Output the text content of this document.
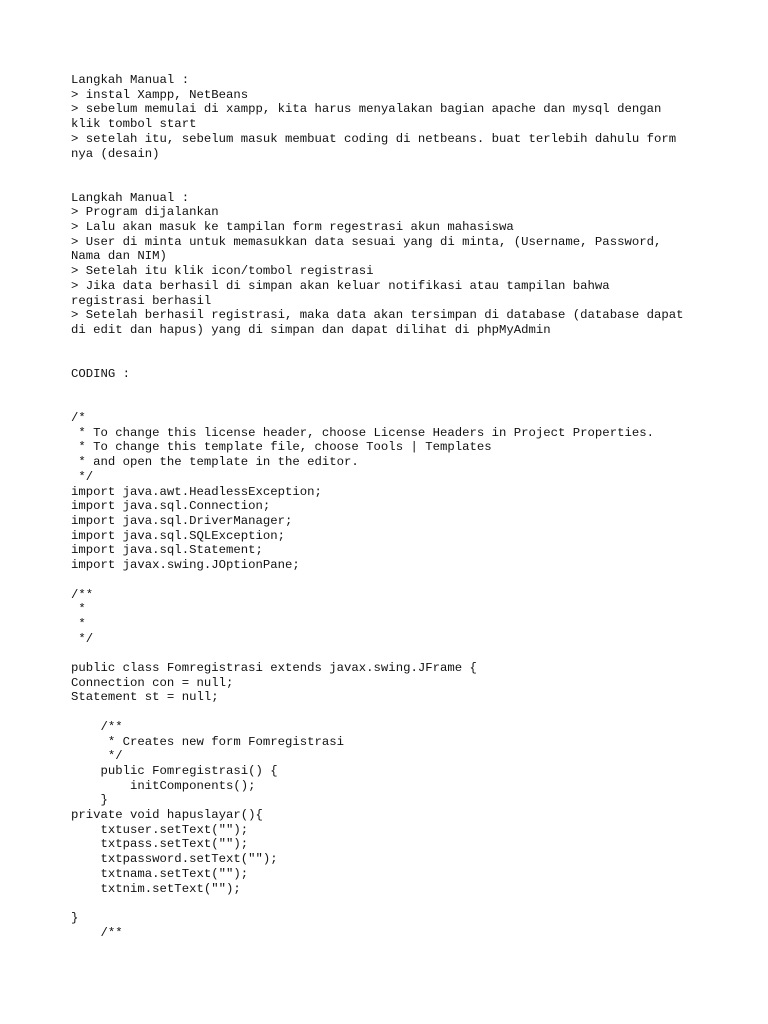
Langkah Manual :
> instal Xampp, NetBeans
> sebelum memulai di xampp, kita harus menyalakan bagian apache dan mysql dengan
klik tombol start
> setelah itu, sebelum masuk membuat coding di netbeans. buat terlebih dahulu form
nya (desain)
Langkah Manual :
> Program dijalankan
> Lalu akan masuk ke tampilan form regestrasi akun mahasiswa
> User di minta untuk memasukkan data sesuai yang di minta, (Username, Password,
Nama dan NIM)
> Setelah itu klik icon/tombol registrasi
> Jika data berhasil di simpan akan keluar notifikasi atau tampilan bahwa
registrasi berhasil
> Setelah berhasil registrasi, maka data akan tersimpan di database (database dapat
di edit dan hapus) yang di simpan dan dapat dilihat di phpMyAdmin
CODING :
/*
* To change this license header, choose License Headers in Project Properties.
* To change this template file, choose Tools | Templates
* and open the template in the editor.
*/
import java.awt.HeadlessException;
import java.sql.Connection;
import java.sql.DriverManager;
import java.sql.SQLException;
import java.sql.Statement;
import javax.swing.JOptionPane;
/**
*
*
*/
public class Fomregistrasi extends javax.swing.JFrame {
Connection con = null;
Statement st = null;
/**
* Creates new form Fomregistrasi
*/
public Fomregistrasi() {
initComponents();
}
private void hapuslayar(){
txtuser.setText("");
txtpass.setText("");
txtpassword.setText("");
txtnama.setText("");
txtnim.setText("");
}
/**
